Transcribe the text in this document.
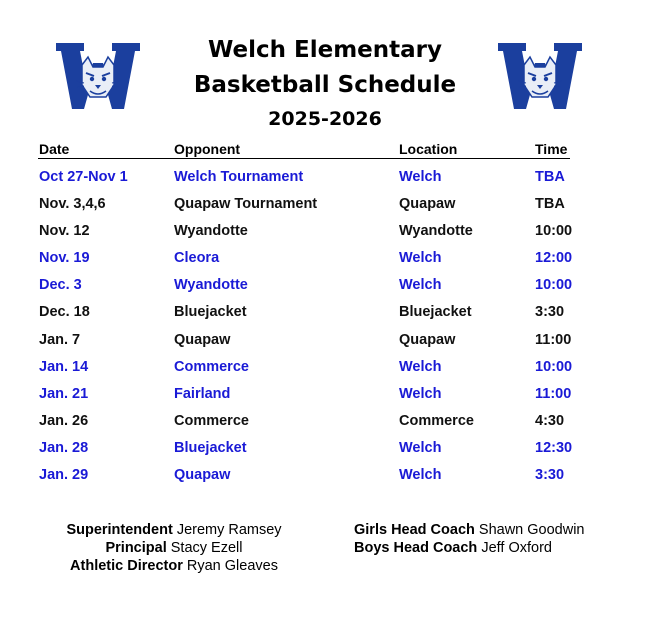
Welch Elementary
Basketball Schedule
2025-2026
Date	Opponent	Location	Time
Oct 27-Nov 1	Welch Tournament	Welch	TBA
Nov. 3,4,6	Quapaw Tournament	Quapaw	TBA
Nov. 12	Wyandotte	Wyandotte	10:00
Nov. 19	Cleora	Welch	12:00
Dec. 3	Wyandotte	Welch	10:00
Dec. 18	Bluejacket	Bluejacket	3:30
Jan. 7	Quapaw	Quapaw	11:00
Jan. 14	Commerce	Welch	10:00
Jan. 21	Fairland	Welch	11:00
Jan. 26	Commerce	Commerce	4:30
Jan. 28	Bluejacket	Welch	12:30
Jan. 29	Quapaw	Welch	3:30
Superintendent Jeremy Ramsey
Principal Stacy Ezell
Athletic Director Ryan Gleaves
Girls Head Coach Shawn Goodwin
Boys Head Coach Jeff Oxford
